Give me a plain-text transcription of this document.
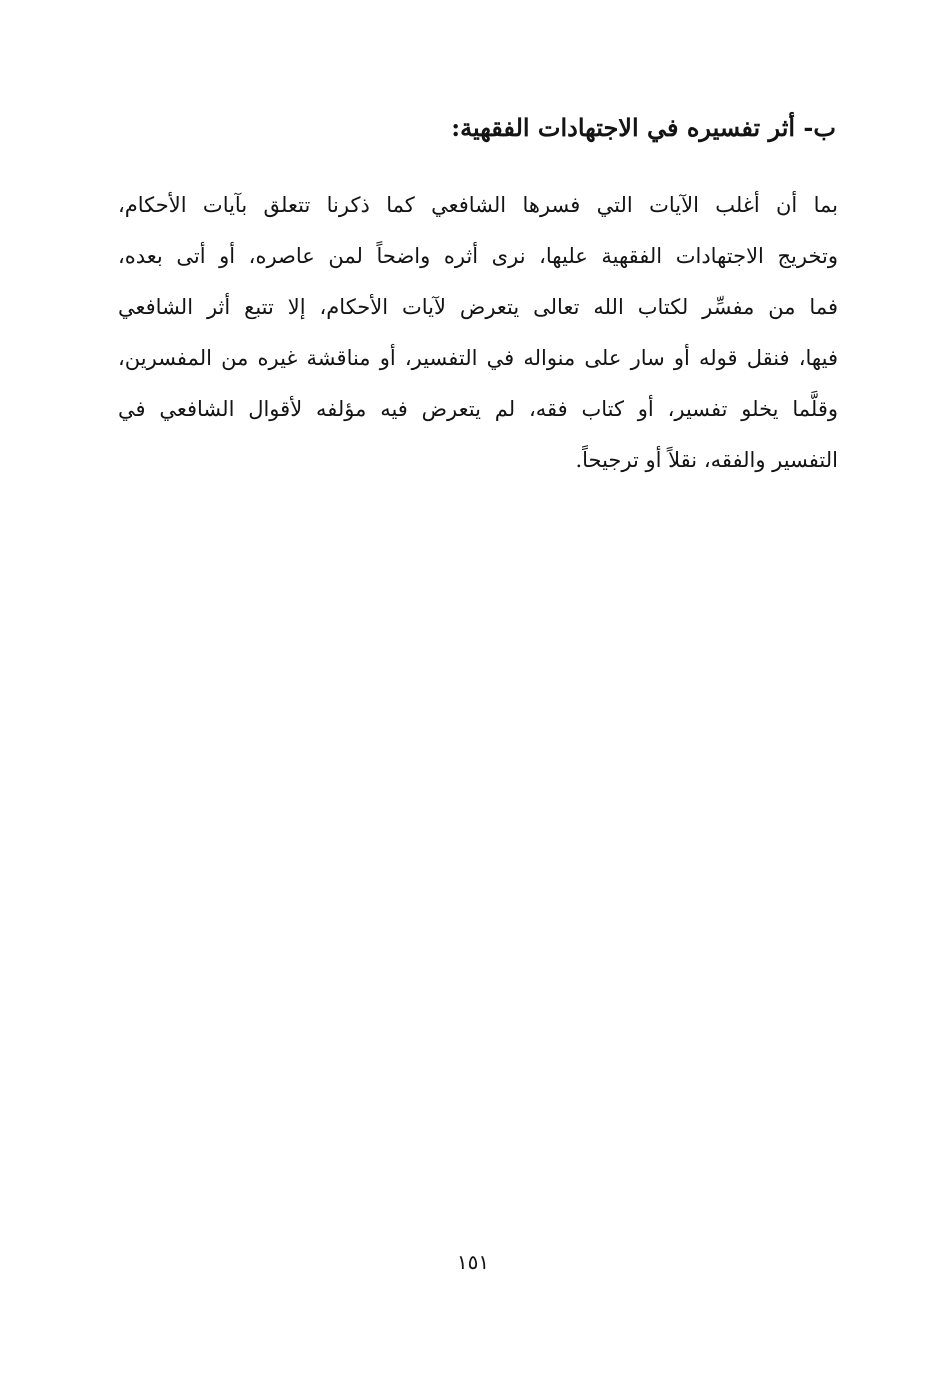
ب- أثر تفسيره في الاجتهادات الفقهية:
بما أن أغلب الآيات التي فسرها الشافعي كما ذكرنا تتعلق بآيات الأحكام،
وتخريج الاجتهادات الفقهية عليها، نرى أثره واضحاً لمن عاصره، أو أتى بعده،
فما من مفسِّر لكتاب الله تعالى يتعرض لآيات الأحكام، إلا تتبع أثر الشافعي
فيها، فنقل قوله أو سار على منواله في التفسير، أو مناقشة غيره من المفسرين،
وقلَّما يخلو تفسير، أو كتاب فقه، لم يتعرض فيه مؤلفه لأقوال الشافعي في
التفسير والفقه، نقلاً أو ترجيحاً.
١٥١
